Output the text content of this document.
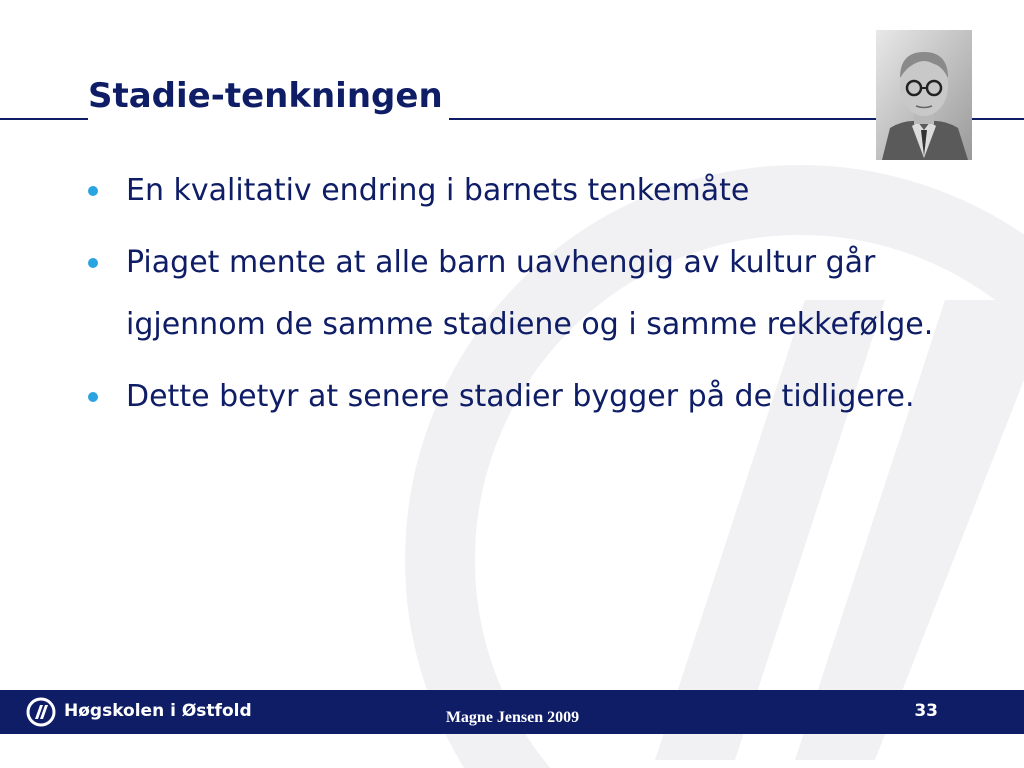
Stadie-tenkningen
En kvalitativ endring i barnets tenkemåte
Piaget mente at alle barn uavhengig av kultur går igjennom de samme stadiene og i samme rekkefølge.
Dette betyr at senere stadier bygger på de tidligere.
Høgskolen i Østfold	Magne Jensen 2009	33
